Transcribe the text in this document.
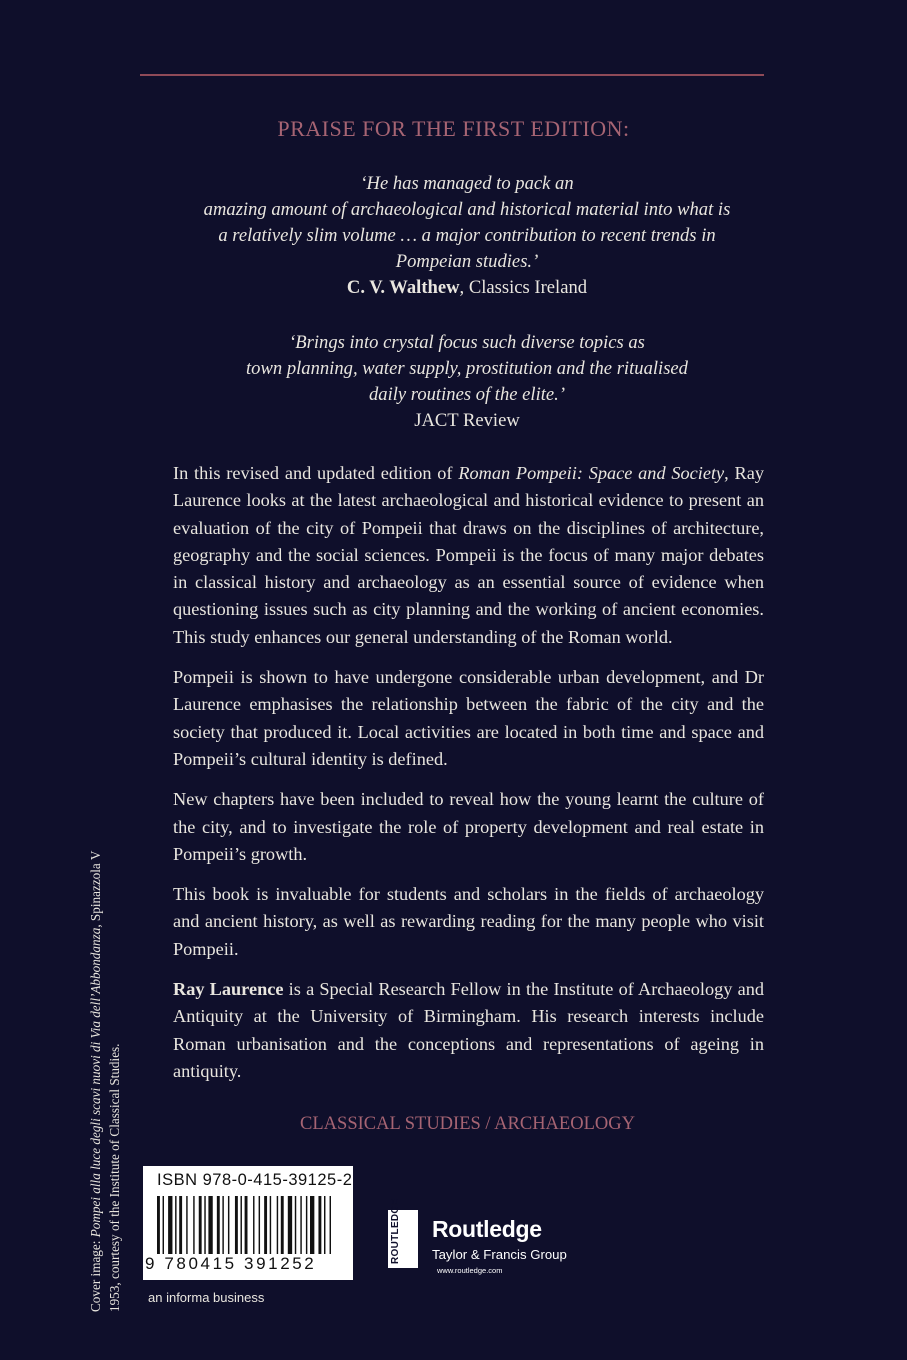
PRAISE FOR THE FIRST EDITION:
‘He has managed to pack an
amazing amount of archaeological and historical material into what is
a relatively slim volume … a major contribution to recent trends in
Pompeian studies.’
C. V. Walthew, Classics Ireland
‘Brings into crystal focus such diverse topics as
town planning, water supply, prostitution and the ritualised
daily routines of the elite.’
JACT Review

In this revised and updated edition of Roman Pompeii: Space and Society, Ray Laurence looks at the latest archaeological and historical evidence to present an evaluation of the city of Pompeii that draws on the disciplines of architecture, geography and the social sciences. Pompeii is the focus of many major debates in classical history and archaeology as an essential source of evidence when questioning issues such as city planning and the working of ancient economies. This study enhances our general understanding of the Roman world.

Pompeii is shown to have undergone considerable urban development, and Dr Laurence emphasises the relationship between the fabric of the city and the society that produced it. Local activities are located in both time and space and Pompeii’s cultural identity is defined.

New chapters have been included to reveal how the young learnt the culture of the city, and to investigate the role of property development and real estate in Pompeii’s growth.

This book is invaluable for students and scholars in the fields of archaeology and ancient history, as well as rewarding reading for the many people who visit Pompeii.

Ray Laurence is a Special Research Fellow in the Institute of Archaeology and Antiquity at the University of Birmingham. His research interests include Roman urbanisation and the conceptions and representations of ageing in antiquity.

CLASSICAL STUDIES / ARCHAEOLOGY
Cover image: Pompei alla luce degli scavi nuovi di Via dell’Abbondanza, Spinazzola V 1953, courtesy of the Institute of Classical Studies. ISBN 978-0-415-39125-2
9 780415 391252
an informa business
ROUTLEDGE Routledge
Taylor & Francis Group
www.routledge.com
